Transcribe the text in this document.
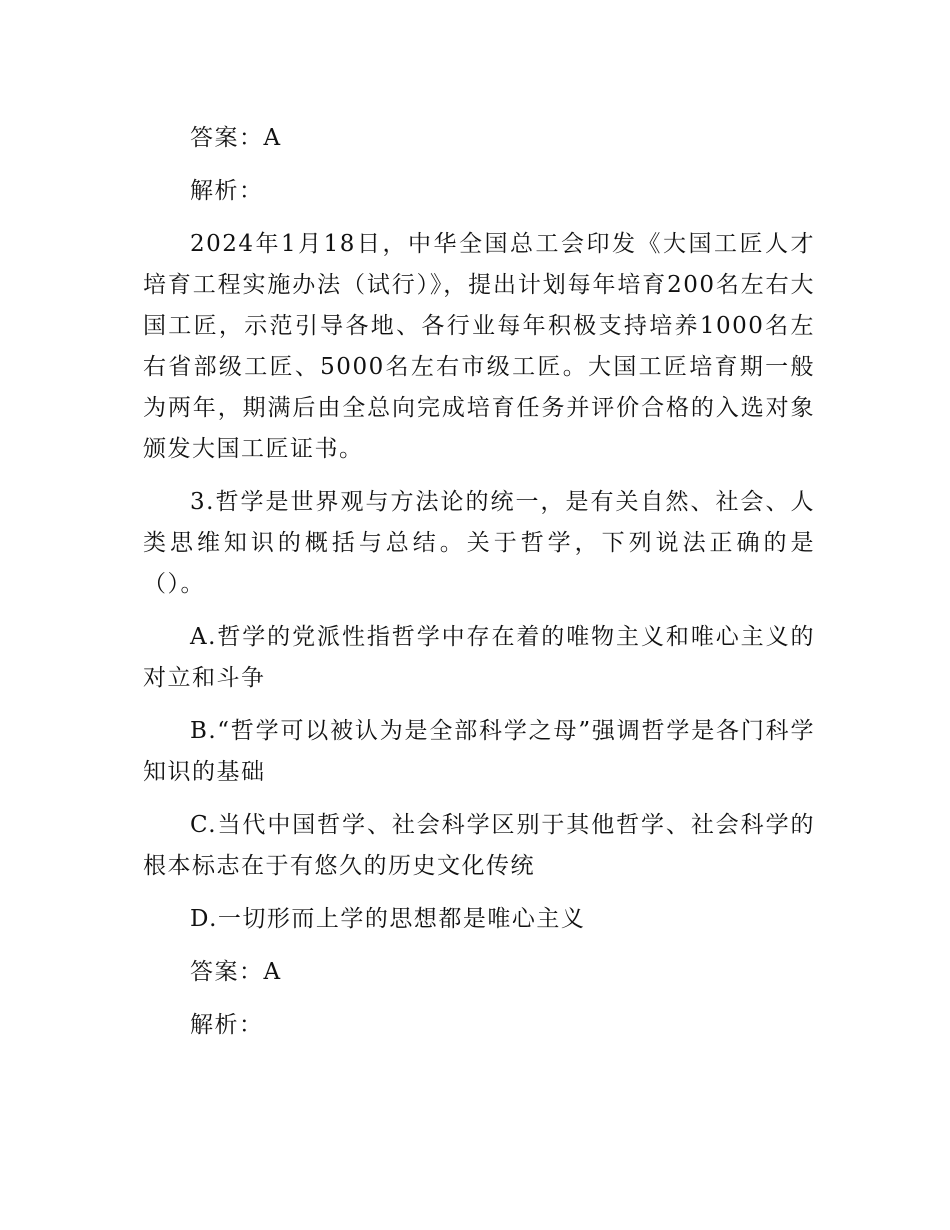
答案：A

解析：

2024年1月18日，中华全国总工会印发《大国工匠人才培育工程实施办法（试行）》，提出计划每年培育200名左右大国工匠，示范引导各地、各行业每年积极支持培养1000名左右省部级工匠、5000名左右市级工匠。大国工匠培育期一般为两年，期满后由全总向完成培育任务并评价合格的入选对象颁发大国工匠证书。

3.哲学是世界观与方法论的统一，是有关自然、社会、人类思维知识的概括与总结。关于哲学，下列说法正确的是（）。

A.哲学的党派性指哲学中存在着的唯物主义和唯心主义的对立和斗争

B.“哲学可以被认为是全部科学之母”强调哲学是各门科学知识的基础

C.当代中国哲学、社会科学区别于其他哲学、社会科学的根本标志在于有悠久的历史文化传统

D.一切形而上学的思想都是唯心主义

答案：A

解析：
